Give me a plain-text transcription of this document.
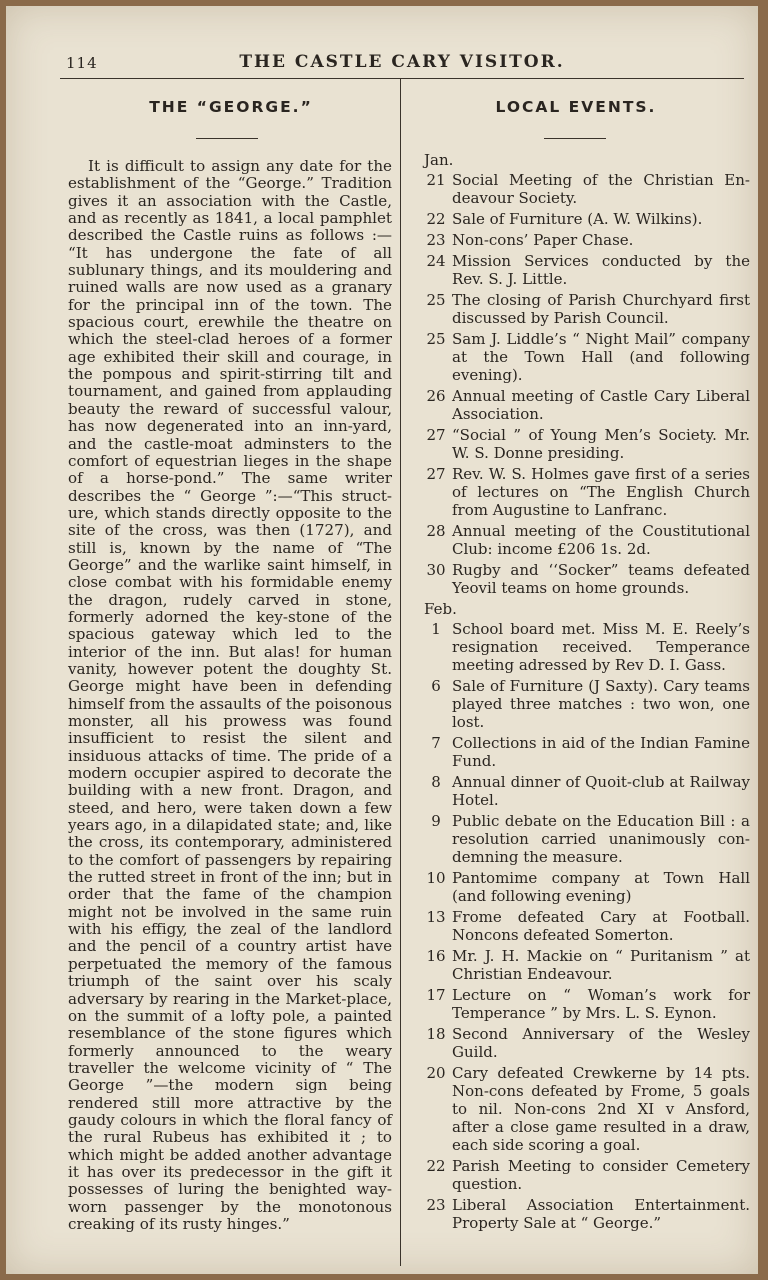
114	THE CASTLE CARY VISITOR.
THE “GEORGE.”
It is difficult to assign any date for the establishment of the “George.” Tradition gives it an association with the Castle, and as recently as 1841, a local pamphlet described the Castle ruins as follows :— “It has undergone the fate of all sublunary things, and its mouldering and ruined walls are now used as a granary for the principal inn of the town. The spacious court, erewhile the theatre on which the steel-clad heroes of a former age exhibited their skill and courage, in the pompous and spirit-stirring tilt and tournament, and gained from applauding beauty the reward of successful valour, has now degenerated into an inn-yard, and the castle-moat adminsters to the comfort of equestrian lieges in the shape of a horse-pond.” The same writer describes the “ George ”:—“This structure, which stands directly opposite to the site of the cross, was then (1727), and still is, known by the name of “The George” and the warlike saint himself, in close combat with his formidable enemy the dragon, rudely carved in stone, formerly adorned the key-stone of the spacious gateway which led to the interior of the inn. But alas! for human vanity, however potent the doughty St. George might have been in defending himself from the assaults of the poisonous monster, all his prowess was found insufficient to resist the silent and insiduous attacks of time. The pride of a modern occupier aspired to decorate the building with a new front. Dragon, and steed, and hero, were taken down a few years ago, in a dilapidated state; and, like the cross, its contemporary, administered to the comfort of passengers by repairing the rutted street in front of the inn; but in order that the fame of the champion might not be involved in the same ruin with his effigy, the zeal of the landlord and the pencil of a country artist have perpetuated the memory of the famous triumph of the saint over his scaly adversary by rearing in the Market-place, on the summit of a lofty pole, a painted resemblance of the stone figures which formerly announced to the weary traveller the welcome vicinity of “ The George ”—the modern sign being rendered still more attractive by the gaudy colours in which the floral fancy of the rural Rubeus has exhibited it ; to which might be added another advantage it has over its predecessor in the gift it possesses of luring the benighted way-worn passenger by the monotonous creaking of its rusty hinges.”
LOCAL EVENTS.
Jan.
21 Social Meeting of the Christian Endeavour Society.
22 Sale of Furniture (A. W. Wilkins).
23 Non-cons’ Paper Chase.
24 Mission Services conducted by the Rev. S. J. Little.
25 The closing of Parish Churchyard first discussed by Parish Council.
25 Sam J. Liddle’s “ Night Mail” company at the Town Hall (and following evening).
26 Annual meeting of Castle Cary Liberal Association.
27 “Social ” of Young Men’s Society. Mr. W. S. Donne presiding.
27 Rev. W. S. Holmes gave first of a series of lectures on “The English Church from Augustine to Lanfranc.
28 Annual meeting of the Coustitutional Club: income £206 1s. 2d.
30 Rugby and ‘‘Socker” teams defeated Yeovil teams on home grounds.
Feb.
1 School board met. Miss M. E. Reely’s resignation received. Temperance meeting adressed by Rev D. I. Gass.
6 Sale of Furniture (J Saxty). Cary teams played three matches : two won, one lost.
7 Collections in aid of the Indian Famine Fund.
8 Annual dinner of Quoit-club at Railway Hotel.
9 Public debate on the Education Bill : a resolution carried unanimously condemning the measure.
10 Pantomime company at Town Hall (and following evening)
13 Frome defeated Cary at Football. Noncons defeated Somerton.
16 Mr. J. H. Mackie on “ Puritanism ” at Christian Endeavour.
17 Lecture on “ Woman’s work for Temperance ” by Mrs. L. S. Eynon.
18 Second Anniversary of the Wesley Guild.
20 Cary defeated Crewkerne by 14 pts. Non-cons defeated by Frome, 5 goals to nil. Non-cons 2nd XI v Ansford, after a close game resulted in a draw, each side scoring a goal.
22 Parish Meeting to consider Cemetery question.
23 Liberal Association Entertainment. Property Sale at “ George.”
